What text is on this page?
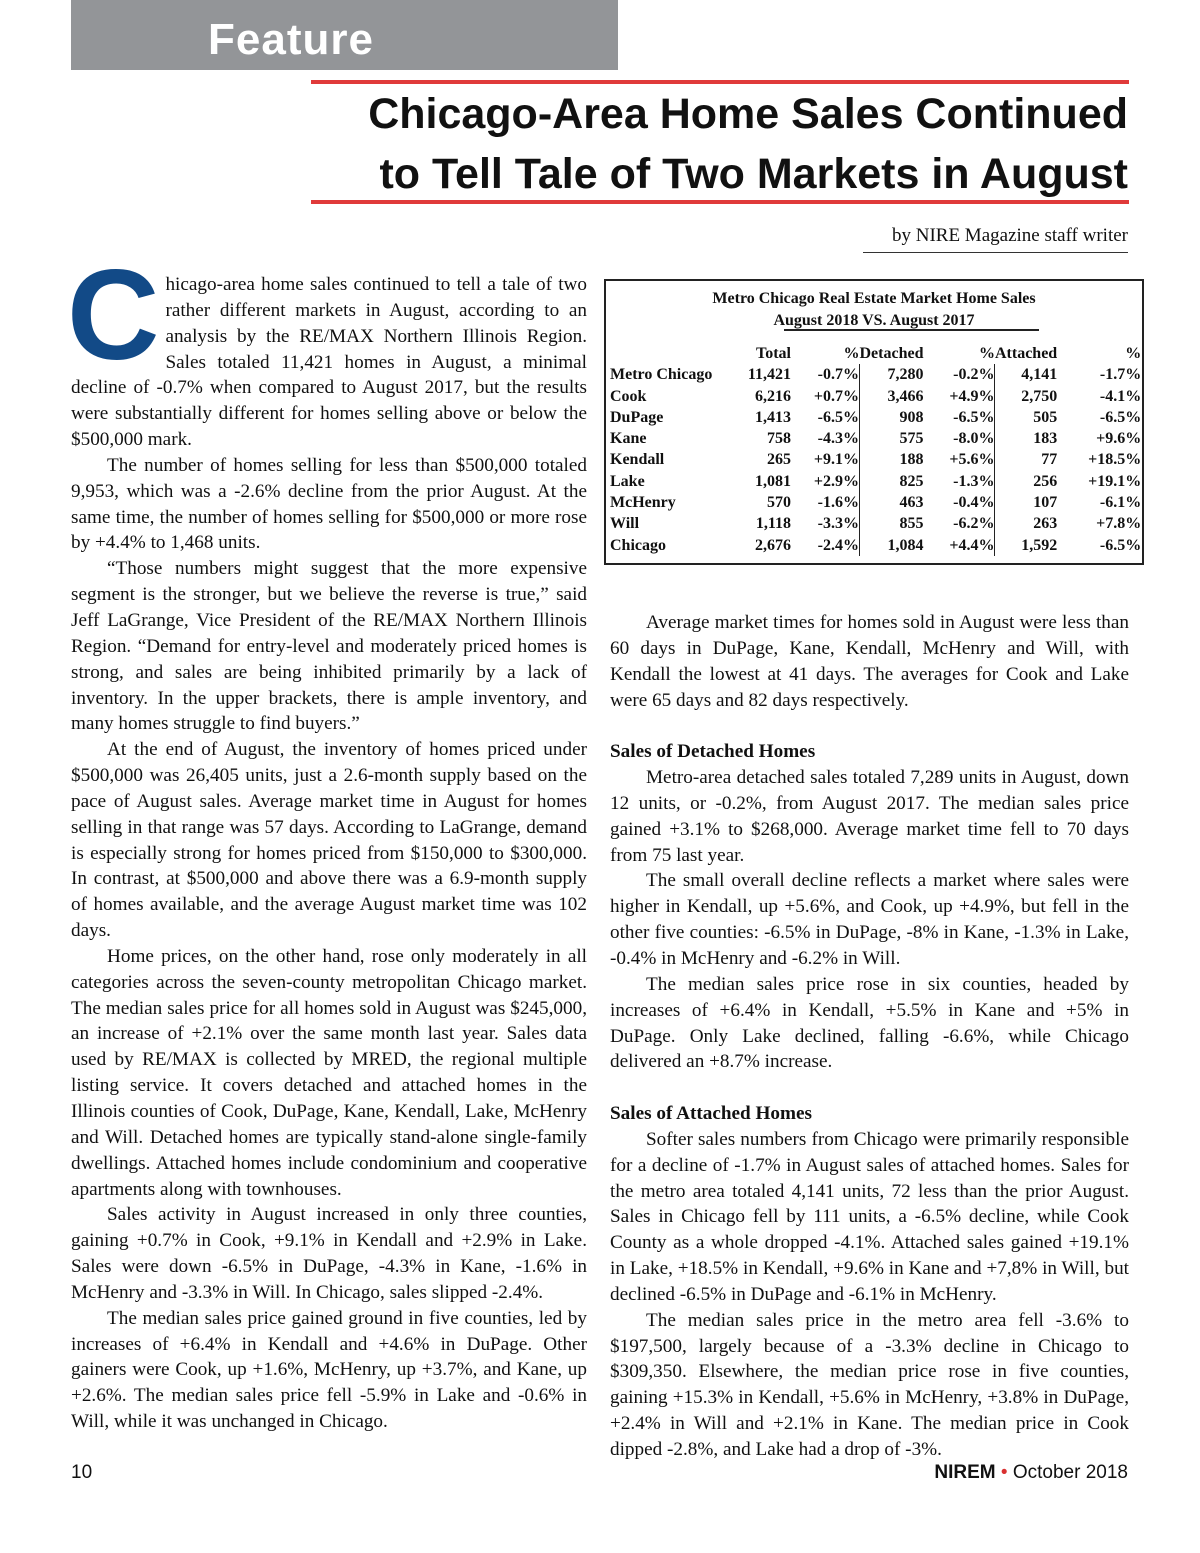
Feature
Chicago-Area Home Sales Continued
to Tell Tale of Two Markets in August
by NIRE Magazine staff writer

Chicago-area home sales continued to tell a tale of two rather different markets in August, according to an analysis by the RE/MAX Northern Illinois Region. Sales totaled 11,421 homes in August, a minimal decline of -0.7% when compared to August 2017, but the results were substantially different for homes selling above or below the $500,000 mark.

The number of homes selling for less than $500,000 totaled 9,953, which was a -2.6% decline from the prior August. At the same time, the number of homes selling for $500,000 or more rose by +4.4% to 1,468 units.

“Those numbers might suggest that the more expensive segment is the stronger, but we believe the reverse is true,” said Jeff LaGrange, Vice President of the RE/MAX Northern Illinois Region. “Demand for entry-level and moderately priced homes is strong, and sales are being inhibited primarily by a lack of inventory. In the upper brackets, there is ample inventory, and many homes struggle to find buyers.”

At the end of August, the inventory of homes priced under $500,000 was 26,405 units, just a 2.6-month supply based on the pace of August sales. Average market time in August for homes selling in that range was 57 days. According to LaGrange, demand is especially strong for homes priced from $150,000 to $300,000. In contrast, at $500,000 and above there was a 6.9-month supply of homes available, and the average August market time was 102 days.

Home prices, on the other hand, rose only moderately in all categories across the seven-county metropolitan Chicago market. The median sales price for all homes sold in August was $245,000, an increase of +2.1% over the same month last year. Sales data used by RE/MAX is collected by MRED, the regional multiple listing service. It covers detached and attached homes in the Illinois counties of Cook, DuPage, Kane, Kendall, Lake, McHenry and Will. Detached homes are typically stand-alone single-family dwellings. Attached homes include condominium and cooperative apartments along with townhouses.

Sales activity in August increased in only three counties, gaining +0.7% in Cook, +9.1% in Kendall and +2.9% in Lake. Sales were down -6.5% in DuPage, -4.3% in Kane, -1.6% in McHenry and -3.3% in Will. In Chicago, sales slipped -2.4%.

The median sales price gained ground in five counties, led by increases of +6.4% in Kendall and +4.6% in DuPage. Other gainers were Cook, up +1.6%, McHenry, up +3.7%, and Kane, up +2.6%. The median sales price fell -5.9% in Lake and -0.6% in Will, while it was unchanged in Chicago.

Metro Chicago Real Estate Market Home Sales
August 2018 VS. August 2017
	Total	%	Detached	%	Attached	%
Metro Chicago	11,421	-0.7%	7,280	-0.2%	4,141	-1.7%
Cook	6,216	+0.7%	3,466	+4.9%	2,750	-4.1%
DuPage	1,413	-6.5%	908	-6.5%	505	-6.5%
Kane	758	-4.3%	575	-8.0%	183	+9.6%
Kendall	265	+9.1%	188	+5.6%	77	+18.5%
Lake	1,081	+2.9%	825	-1.3%	256	+19.1%
McHenry	570	-1.6%	463	-0.4%	107	-6.1%
Will	1,118	-3.3%	855	-6.2%	263	+7.8%
Chicago	2,676	-2.4%	1,084	+4.4%	1,592	-6.5%

Average market times for homes sold in August were less than 60 days in DuPage, Kane, Kendall, McHenry and Will, with Kendall the lowest at 41 days. The averages for Cook and Lake were 65 days and 82 days respectively.

Sales of Detached Homes

Metro-area detached sales totaled 7,289 units in August, down 12 units, or -0.2%, from August 2017. The median sales price gained +3.1% to $268,000. Average market time fell to 70 days from 75 last year.

The small overall decline reflects a market where sales were higher in Kendall, up +5.6%, and Cook, up +4.9%, but fell in the other five counties: -6.5% in DuPage, -8% in Kane, -1.3% in Lake, -0.4% in McHenry and -6.2% in Will.

The median sales price rose in six counties, headed by increases of +6.4% in Kendall, +5.5% in Kane and +5% in DuPage. Only Lake declined, falling -6.6%, while Chicago delivered an +8.7% increase.

Sales of Attached Homes

Softer sales numbers from Chicago were primarily responsible for a decline of -1.7% in August sales of attached homes. Sales for the metro area totaled 4,141 units, 72 less than the prior August. Sales in Chicago fell by 111 units, a -6.5% decline, while Cook County as a whole dropped -4.1%. Attached sales gained +19.1% in Lake, +18.5% in Kendall, +9.6% in Kane and +7,8% in Will, but declined -6.5% in DuPage and -6.1% in McHenry.

The median sales price in the metro area fell -3.6% to $197,500, largely because of a -3.3% decline in Chicago to $309,350. Elsewhere, the median price rose in five counties, gaining +15.3% in Kendall, +5.6% in McHenry, +3.8% in DuPage, +2.4% in Will and +2.1% in Kane. The median price in Cook dipped -2.8%, and Lake had a drop of -3%.

10	NIREM • October 2018
